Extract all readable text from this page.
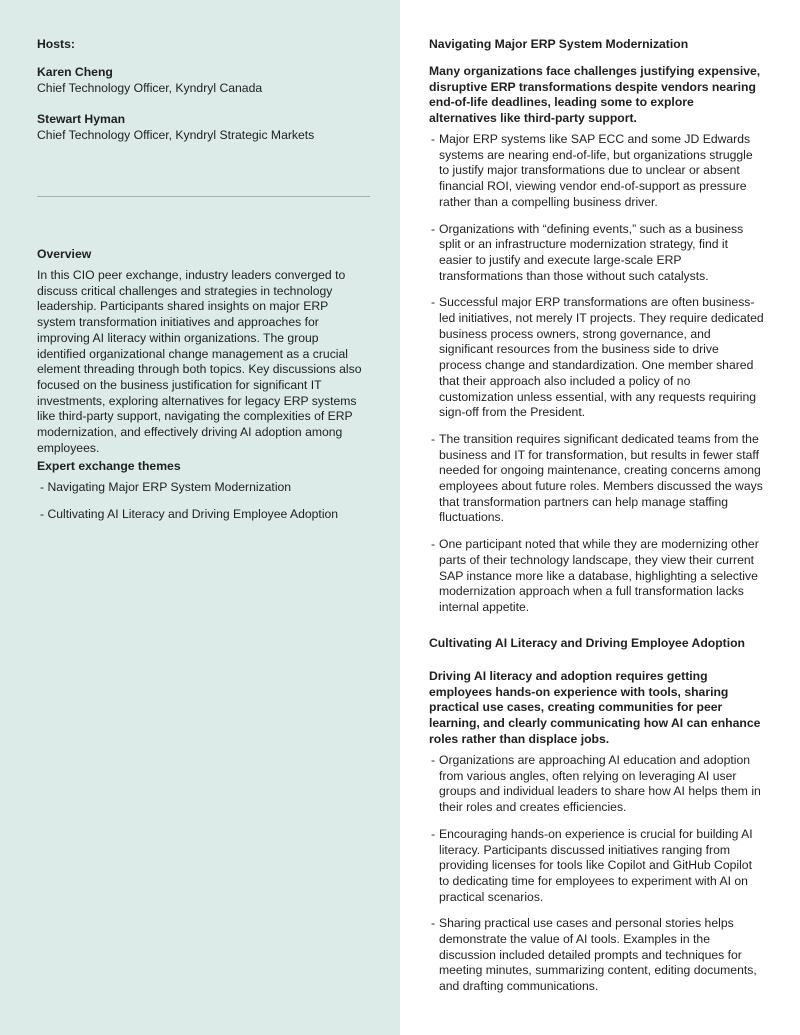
Hosts:
Karen Cheng
Chief Technology Officer, Kyndryl Canada
Stewart Hyman
Chief Technology Officer, Kyndryl Strategic Markets
Overview
In this CIO peer exchange, industry leaders converged to discuss critical challenges and strategies in technology leadership. Participants shared insights on major ERP system transformation initiatives and approaches for improving AI literacy within organizations. The group identified organizational change management as a crucial element threading through both topics. Key discussions also focused on the business justification for significant IT investments, exploring alternatives for legacy ERP systems like third-party support, navigating the complexities of ERP modernization, and effectively driving AI adoption among employees.
Expert exchange themes
- Navigating Major ERP System Modernization
- Cultivating AI Literacy and Driving Employee Adoption
Navigating Major ERP System Modernization
Many organizations face challenges justifying expensive, disruptive ERP transformations despite vendors nearing end-of-life deadlines, leading some to explore alternatives like third-party support.
- Major ERP systems like SAP ECC and some JD Edwards systems are nearing end-of-life, but organizations struggle to justify major transformations due to unclear or absent financial ROI, viewing vendor end-of-support as pressure rather than a compelling business driver.
- Organizations with “defining events,” such as a business split or an infrastructure modernization strategy, find it easier to justify and execute large-scale ERP transformations than those without such catalysts.
- Successful major ERP transformations are often business-led initiatives, not merely IT projects. They require dedicated business process owners, strong governance, and significant resources from the business side to drive process change and standardization. One member shared that their approach also included a policy of no customization unless essential, with any requests requiring sign-off from the President.
- The transition requires significant dedicated teams from the business and IT for transformation, but results in fewer staff needed for ongoing maintenance, creating concerns among employees about future roles. Members discussed the ways that transformation partners can help manage staffing fluctuations.
- One participant noted that while they are modernizing other parts of their technology landscape, they view their current SAP instance more like a database, highlighting a selective modernization approach when a full transformation lacks internal appetite.
Cultivating AI Literacy and Driving Employee Adoption
Driving AI literacy and adoption requires getting employees hands-on experience with tools, sharing practical use cases, creating communities for peer learning, and clearly communicating how AI can enhance roles rather than displace jobs.
- Organizations are approaching AI education and adoption from various angles, often relying on leveraging AI user groups and individual leaders to share how AI helps them in their roles and creates efficiencies.
- Encouraging hands-on experience is crucial for building AI literacy. Participants discussed initiatives ranging from providing licenses for tools like Copilot and GitHub Copilot to dedicating time for employees to experiment with AI on practical scenarios.
- Sharing practical use cases and personal stories helps demonstrate the value of AI tools. Examples in the discussion included detailed prompts and techniques for meeting minutes, summarizing content, editing documents, and drafting communications.
